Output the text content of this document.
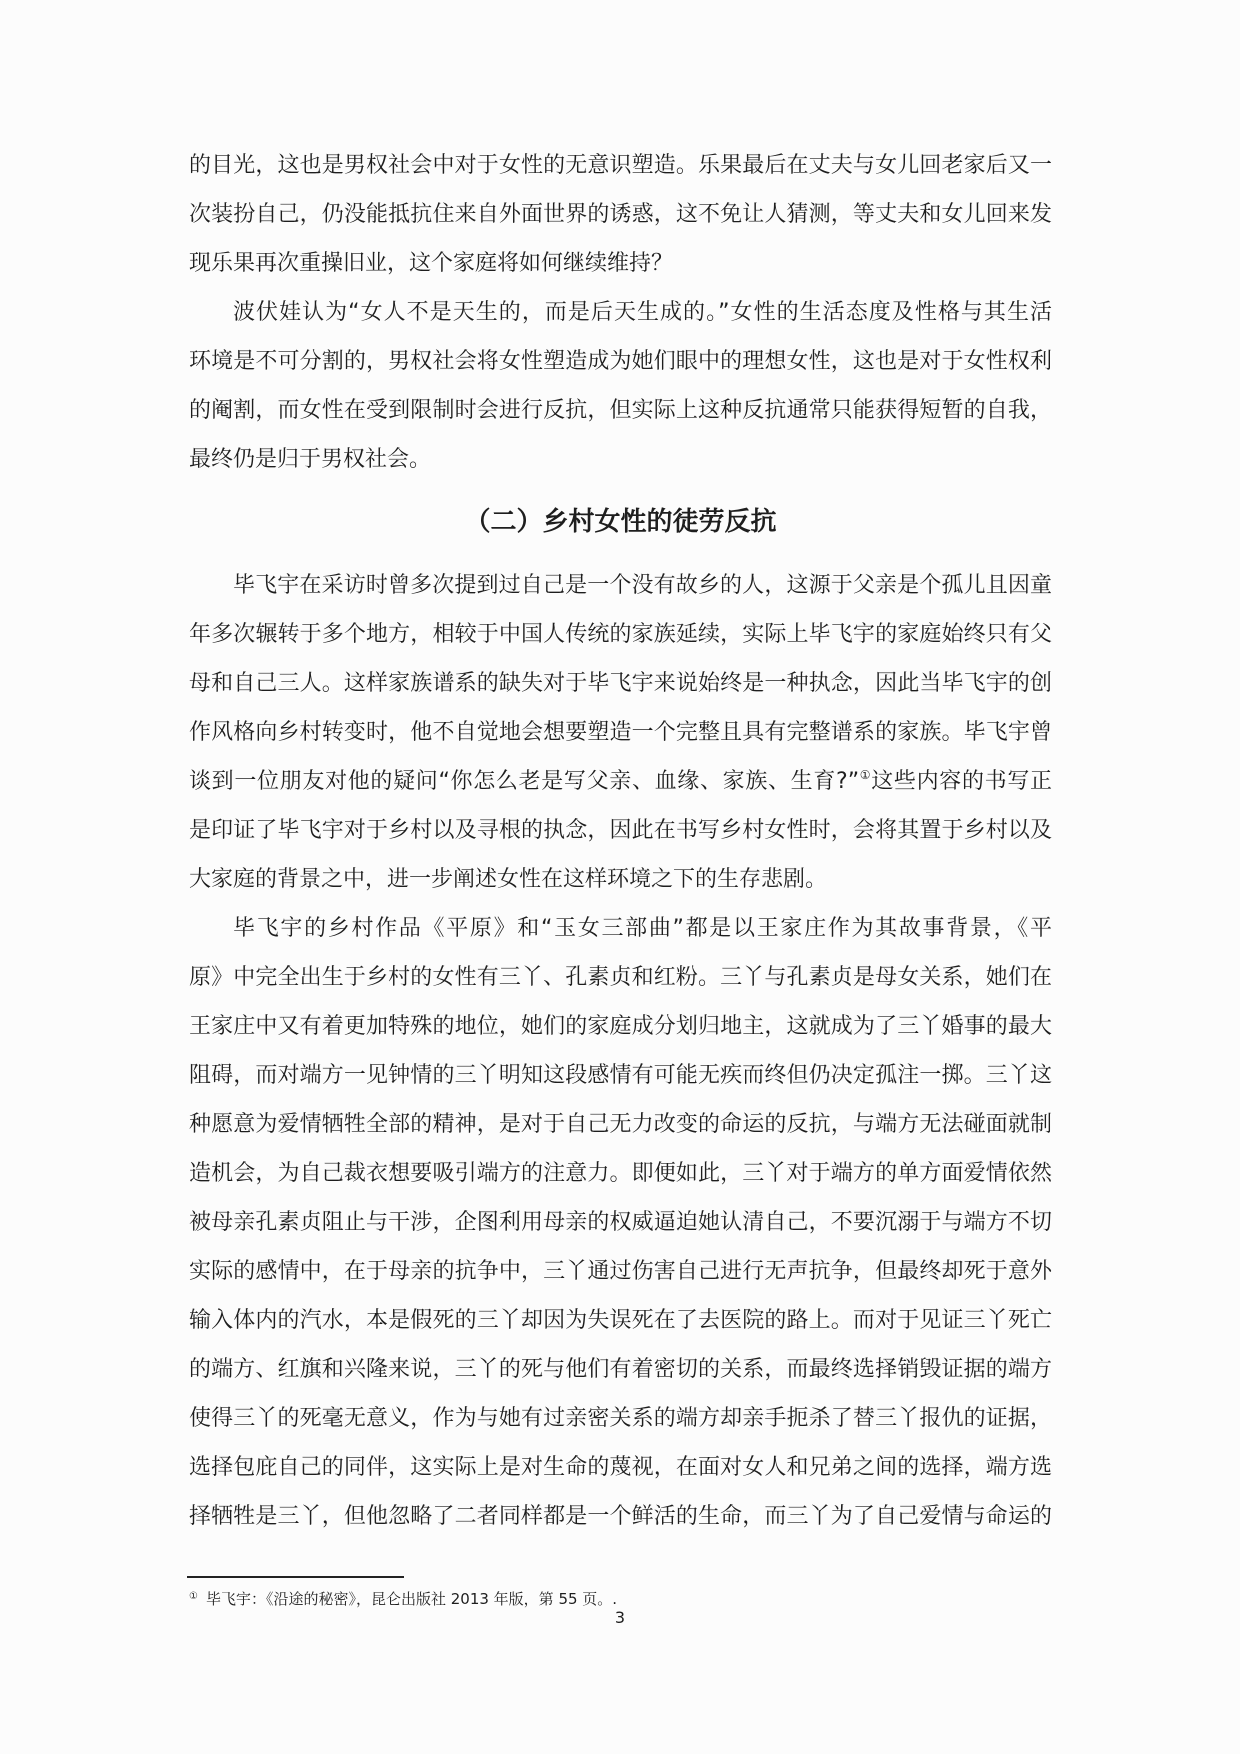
的目光，这也是男权社会中对于女性的无意识塑造。乐果最后在丈夫与女儿回老家后又一
次装扮自己，仍没能抵抗住来自外面世界的诱惑，这不免让人猜测，等丈夫和女儿回来发
现乐果再次重操旧业，这个家庭将如何继续维持？
波伏娃认为“女人不是天生的，而是后天生成的。”女性的生活态度及性格与其生活
环境是不可分割的，男权社会将女性塑造成为她们眼中的理想女性，这也是对于女性权利
的阉割，而女性在受到限制时会进行反抗，但实际上这种反抗通常只能获得短暂的自我，
最终仍是归于男权社会。
（二）乡村女性的徒劳反抗
毕飞宇在采访时曾多次提到过自己是一个没有故乡的人，这源于父亲是个孤儿且因童
年多次辗转于多个地方，相较于中国人传统的家族延续，实际上毕飞宇的家庭始终只有父
母和自己三人。这样家族谱系的缺失对于毕飞宇来说始终是一种执念，因此当毕飞宇的创
作风格向乡村转变时，他不自觉地会想要塑造一个完整且具有完整谱系的家族。毕飞宇曾
谈到一位朋友对他的疑问“你怎么老是写父亲、血缘、家族、生育?”①这些内容的书写正
是印证了毕飞宇对于乡村以及寻根的执念，因此在书写乡村女性时，会将其置于乡村以及
大家庭的背景之中，进一步阐述女性在这样环境之下的生存悲剧。
毕飞宇的乡村作品《平原》和“玉女三部曲”都是以王家庄作为其故事背景，《平
原》中完全出生于乡村的女性有三丫、孔素贞和红粉。三丫与孔素贞是母女关系，她们在
王家庄中又有着更加特殊的地位，她们的家庭成分划归地主，这就成为了三丫婚事的最大
阻碍，而对端方一见钟情的三丫明知这段感情有可能无疾而终但仍决定孤注一掷。三丫这
种愿意为爱情牺牲全部的精神，是对于自己无力改变的命运的反抗，与端方无法碰面就制
造机会，为自己裁衣想要吸引端方的注意力。即便如此，三丫对于端方的单方面爱情依然
被母亲孔素贞阻止与干涉，企图利用母亲的权威逼迫她认清自己，不要沉溺于与端方不切
实际的感情中，在于母亲的抗争中，三丫通过伤害自己进行无声抗争，但最终却死于意外
输入体内的汽水，本是假死的三丫却因为失误死在了去医院的路上。而对于见证三丫死亡
的端方、红旗和兴隆来说，三丫的死与他们有着密切的关系，而最终选择销毁证据的端方
使得三丫的死毫无意义，作为与她有过亲密关系的端方却亲手扼杀了替三丫报仇的证据，
选择包庇自己的同伴，这实际上是对生命的蔑视，在面对女人和兄弟之间的选择，端方选
择牺牲是三丫，但他忽略了二者同样都是一个鲜活的生命，而三丫为了自己爱情与命运的
① 毕飞宇：《沿途的秘密》，昆仑出版社 2013 年版，第 55 页。.
3
